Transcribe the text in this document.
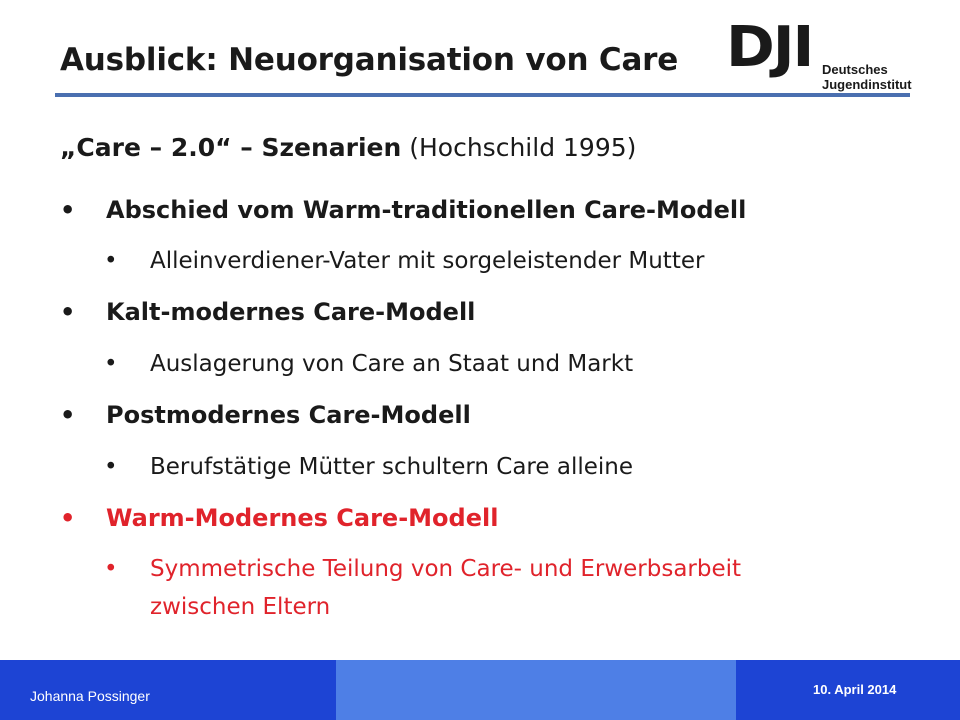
Ausblick: Neuorganisation von Care DJI Deutsches
Jugendinstitut
„Care – 2.0“ – Szenarien (Hochschild 1995)
• Abschied vom Warm-traditionellen Care-Modell
• Alleinverdiener-Vater mit sorgeleistender Mutter
• Kalt-modernes Care-Modell
• Auslagerung von Care an Staat und Markt
• Postmodernes Care-Modell
• Berufstätige Mütter schultern Care alleine
• Warm-Modernes Care-Modell
• Symmetrische Teilung von Care- und Erwerbsarbeit
zwischen Eltern
Johanna Possinger	10. April 2014
